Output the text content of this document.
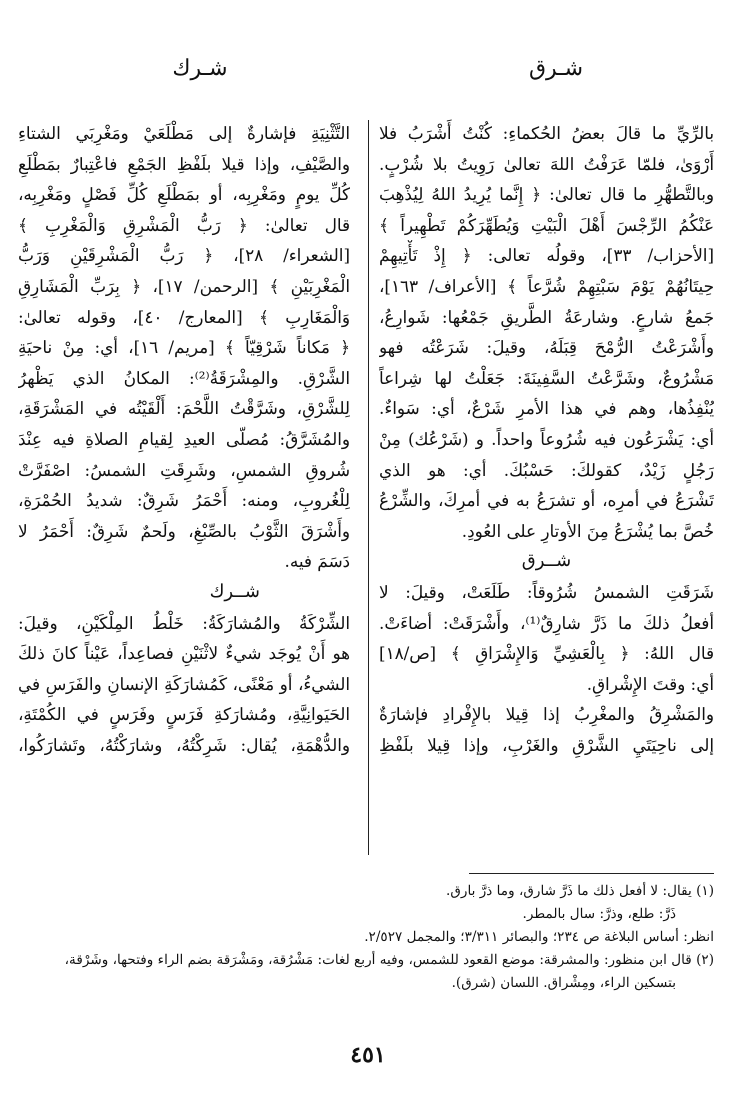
شـرق
شـرك
بالرِّيِّ ما قالَ بعضُ الحُكماءِ: كُنْتُ أَشْرَبُ فلا
أَرْوَىٰ، فلمّا عَرَفْتُ اللهَ تعالىٰ رَوِيتُ بلا شُرْبٍ.
وبالتَّطهُّرِ ما قال تعالىٰ: ﴿ إِنَّما يُرِيدُ اللهُ لِيُذْهِبَ
عَنْكُمُ الرِّجْسَ أَهْلَ الْبَيْتِ وَيُطَهِّرَكُمْ تَطْهِيراً ﴾
[الأحزاب/ ٣٣]، وقولُه تعالى: ﴿ إِذْ تَأْتِيهِمْ
حِيتَانُهُمْ يَوْمَ سَبْتِهِمْ شُرَّعاً ﴾ [الأعراف/ ١٦٣]،
جَمعُ شارعٍ. وشارعَةُ الطَّريقِ جَمْعُها: شَوارِعُ،
وأَشْرَعْتُ الرُّمْحَ قِبَلَهُ، وقيلَ: شَرَعْتُه فهو
مَشْرُوعٌ، وشَرَّعْتُ السَّفِينَةَ: جَعَلْتُ لها شِراعاً
يُنْفِذُها، وهم في هذا الأمرِ شَرْعٌ، أي: سَواءٌ.
أي: يَشْرَعُون فيه شُرُوعاً واحداً. و (شَرْعُك) مِنْ
رَجُلٍ زَيْدٌ، كقولكَ: حَسْبُكَ. أي: هو الذي
تَشْرَعُ في أمرِه، أو تشرَعُ به في أمرِكَ، والشِّرْعُ
خُصَّ بما يُشْرَعُ مِنَ الأوتارِ على العُودِ.
شــرق
شَرَقَتِ الشمسُ شُرُوقاً: طَلَعَتْ، وقيلَ: لا
أفعلُ ذلكَ ما ذَرَّ شارِقٌ⁽¹⁾، وأَشْرَقَتْ: أضاءَتْ.
قال اللهُ: ﴿ بِالْعَشِيِّ وَالإِشْرَاقِ ﴾ [ص/١٨]
أي: وقتَ الإِشْراقِ.
والمَشْرِقُ والمغْرِبُ إذا قِيلا بالإِفْرادِ فإشارَةٌ
إلى ناحِيَتَيِ الشَّرْقِ والغَرْبِ، وإذا قِيلا بلَفْظِ
التَّثْنِيَةِ فإشارةٌ إلى مَطْلَعَيْ ومَغْرِبَي الشتاءِ
والصَّيْفِ، وإذا قيلا بلَفْظِ الجَمْعِ فاعْتِبارٌ بمَطْلَعِ
كُلِّ يومٍ ومَغْرِبِه، أو بمَطْلَعِ كُلِّ فَصْلٍ ومَغْرِبِه،
قال تعالىٰ: ﴿ رَبُّ الْمَشْرِقِ وَالْمَغْرِبِ ﴾
[الشعراء/ ٢٨]، ﴿ رَبُّ الْمَشْرِقَيْنِ وَرَبُّ
الْمَغْرِبَيْنِ ﴾ [الرحمن/ ١٧]، ﴿ بِرَبِّ الْمَشَارِقِ
وَالْمَغَارِبِ ﴾ [المعارج/ ٤٠]، وقوله تعالىٰ:
﴿ مَكاناً شَرْقِيّاً ﴾ [مريم/ ١٦]، أي: مِنْ ناحيَةِ
الشَّرْقِ. والمِشْرَقَةُ⁽²⁾: المكانُ الذي يَظْهرُ
لِلشَّرْقِ، وشَرَّقْتُ اللَّحْمَ: أَلْقَيْتُه في المَشْرَقَةِ،
والمُشَرَّقُ: مُصلّى العيدِ لِقيامِ الصلاةِ فيه عِنْدَ
شُروقِ الشمسِ، وشَرِقَتِ الشمسُ: اصْفَرَّتْ
لِلْغُروبِ، ومنه: أَحْمَرُ شَرِقٌ: شديدُ الحُمْرَةِ،
وأَشْرَقَ الثَّوْبُ بالصِّبْغِ، ولَحمٌ شَرِقٌ: أَحْمَرُ لا
دَسَمَ فيه.
شــرك
الشِّرْكَةُ والمُشارَكَةُ: خَلْطُ المِلْكَيْنِ، وقيلَ:
هو أَنْ يُوجَد شيءٌ لاثْنَيْنِ فصاعِداً، عَيْناً كانَ ذلكَ
الشيءُ، أو مَعْنًى، كَمُشارَكَةِ الإنسانِ والفَرَسِ في
الحَيَوانِيَّةِ، ومُشارَكةِ فَرَسٍ وفَرَسٍ في الكُمْتَةِ،
والدُّهْمَةِ، يُقال: شَرِكْتُهُ، وشارَكْتُهُ، وتَشارَكُوا،
(١) يقال: لا أفعل ذلك ما ذَرَّ شارق، وما ذرَّ بارق.
ذَرَّ: طلع، وذرَّ: سال بالمطر.
انظر: أساس البلاغة ص ٢٣٤؛ والبصائر ٣/٣١١؛ والمجمل ٢/٥٢٧.
(٢) قال ابن منظور: والمشرقة: موضع القعود للشمس، وفيه أربع لغات: مَشْرُقة، ومَشْرَقة بضم الراء وفتحها، وشَرْقة،
بتسكين الراء، ومِشْراق. اللسان (شرق).
٤٥١
